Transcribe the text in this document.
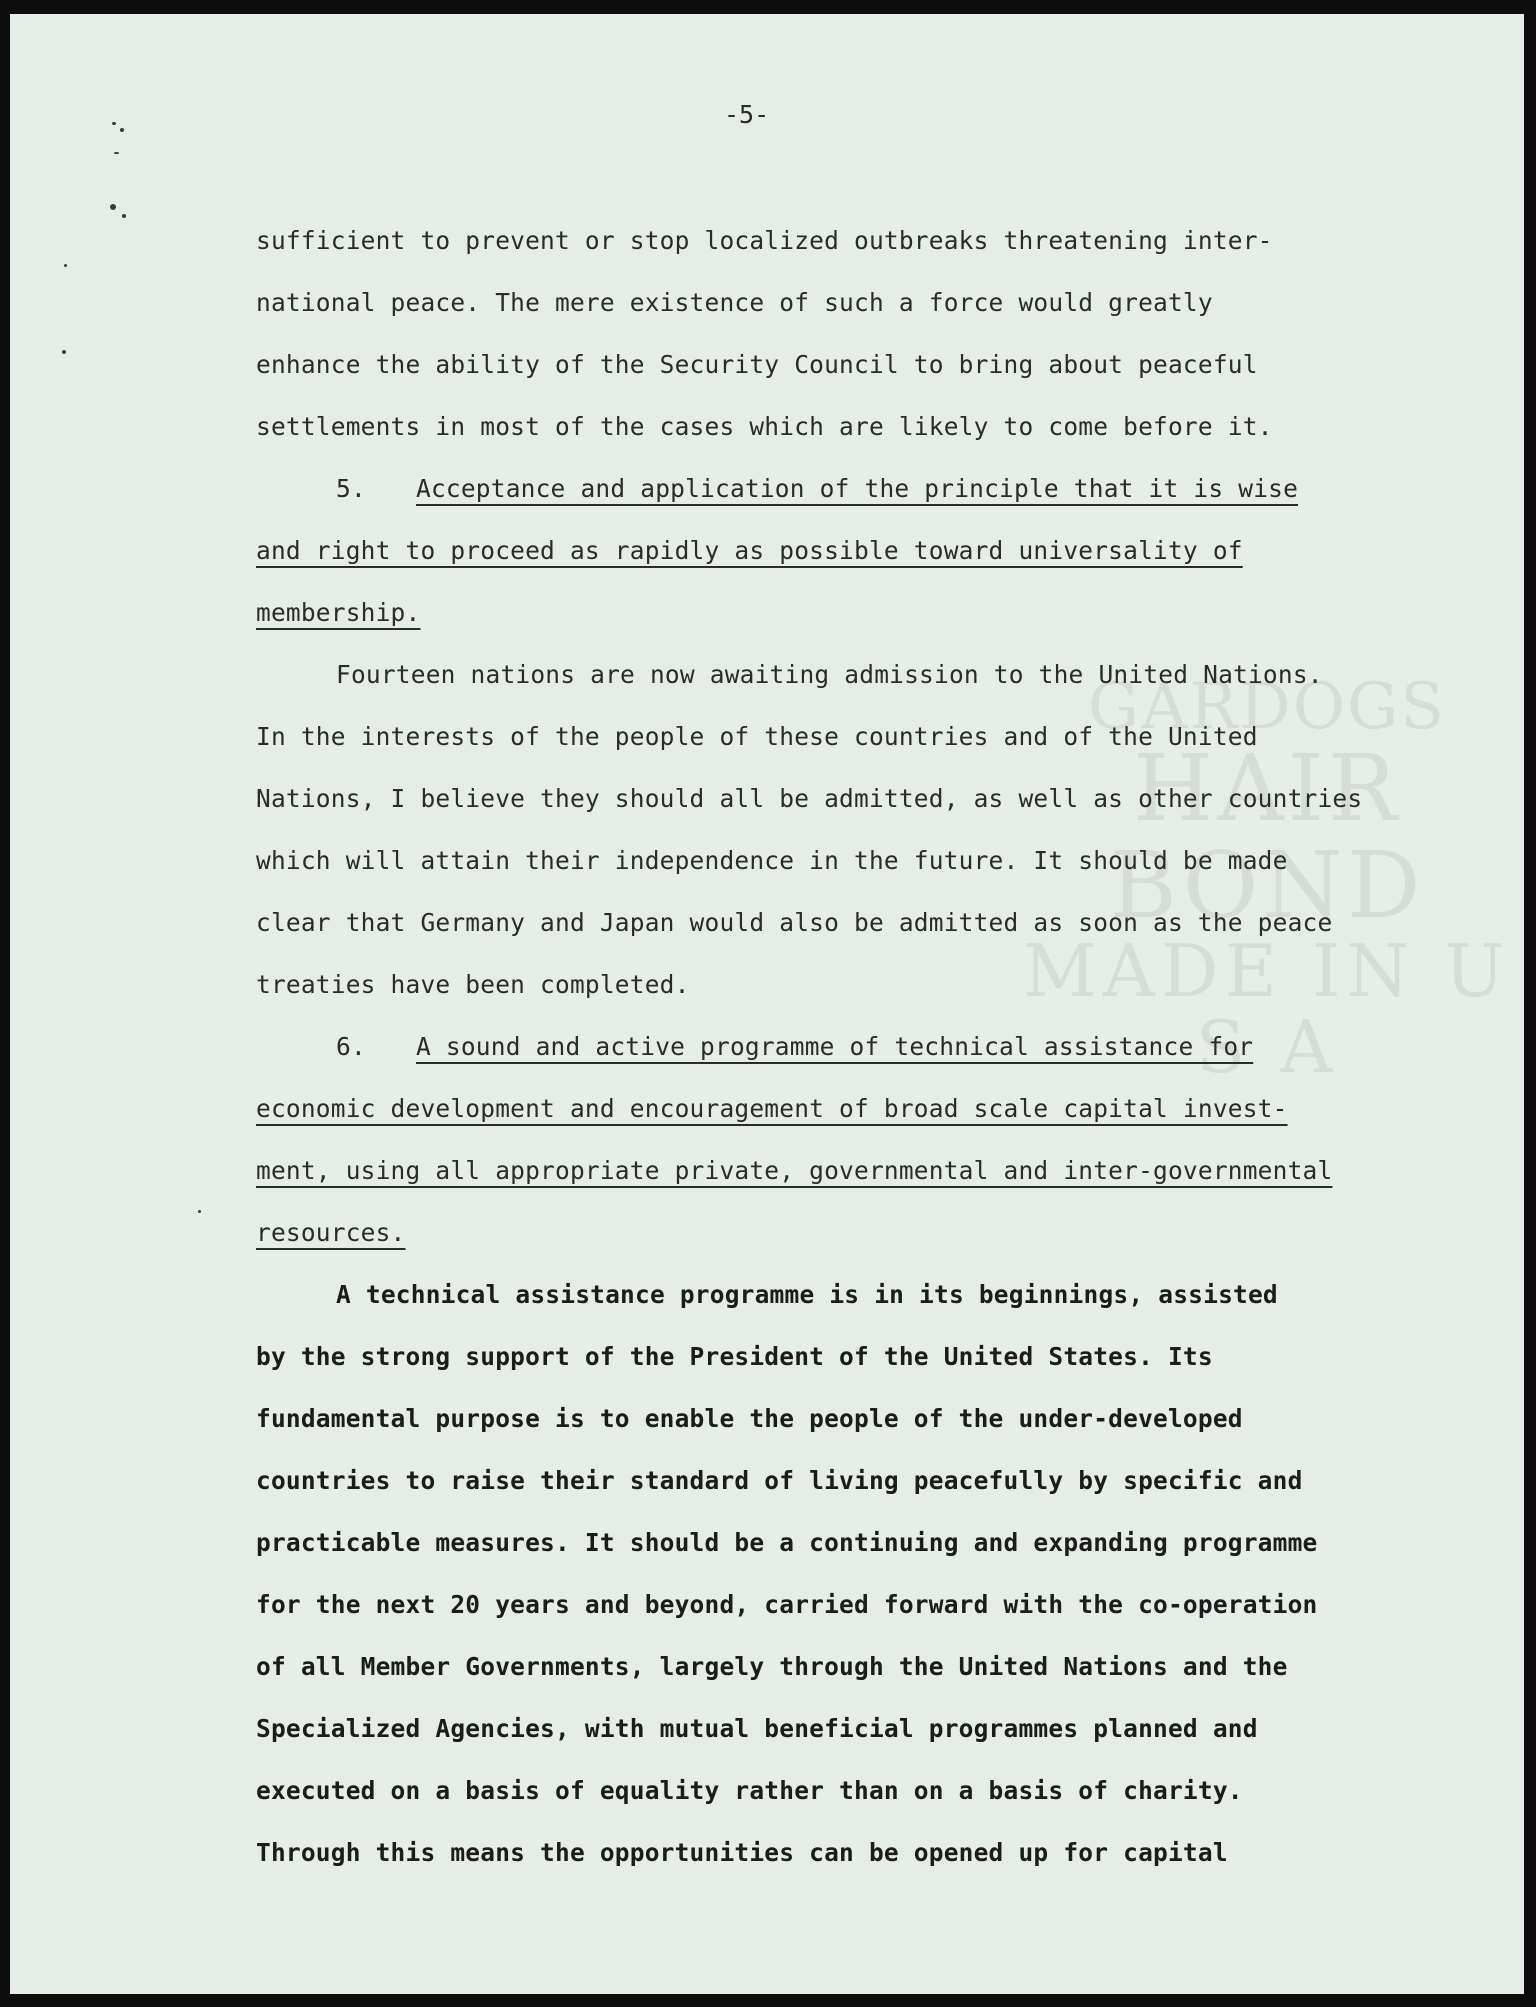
GARDOGS
HAIR BOND
MADE IN U S A
-5-
sufficient to prevent or stop localized outbreaks threatening inter-
national peace. The mere existence of such a force would greatly
enhance the ability of the Security Council to bring about peaceful
settlements in most of the cases which are likely to come before it.
5. Acceptance and application of the principle that it is wise
and right to proceed as rapidly as possible toward universality of
membership.
Fourteen nations are now awaiting admission to the United Nations.
In the interests of the people of these countries and of the United
Nations, I believe they should all be admitted, as well as other countries
which will attain their independence in the future. It should be made
clear that Germany and Japan would also be admitted as soon as the peace
treaties have been completed.
6. A sound and active programme of technical assistance for
economic development and encouragement of broad scale capital invest-
ment, using all appropriate private, governmental and inter-governmental
resources.
A technical assistance programme is in its beginnings, assisted
by the strong support of the President of the United States. Its
fundamental purpose is to enable the people of the under-developed
countries to raise their standard of living peacefully by specific and
practicable measures. It should be a continuing and expanding programme
for the next 20 years and beyond, carried forward with the co-operation
of all Member Governments, largely through the United Nations and the
Specialized Agencies, with mutual beneficial programmes planned and
executed on a basis of equality rather than on a basis of charity.
Through this means the opportunities can be opened up for capital
